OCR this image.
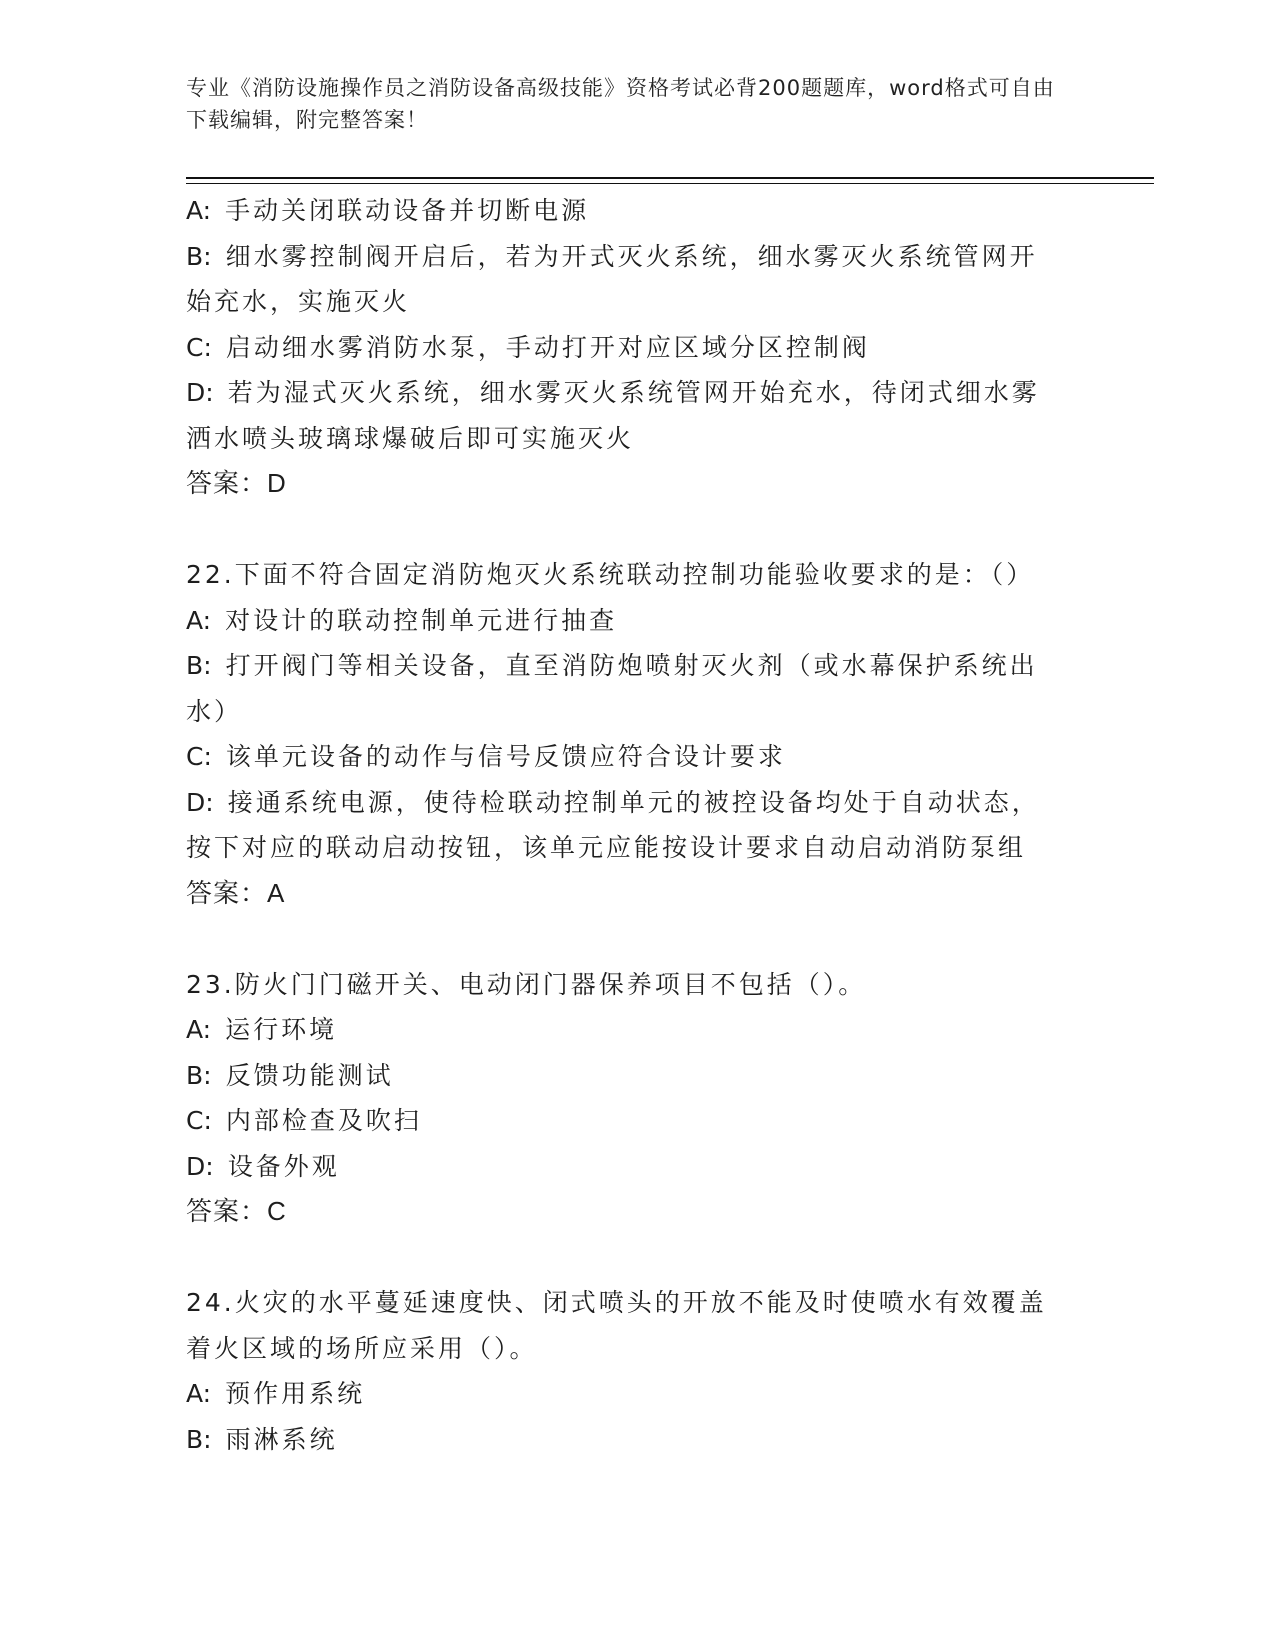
专业《消防设施操作员之消防设备高级技能》资格考试必背200题题库，word格式可自由下载编辑，附完整答案！
A: 手动关闭联动设备并切断电源
B: 细水雾控制阀开启后，若为开式灭火系统，细水雾灭火系统管网开
始充水，实施灭火
C: 启动细水雾消防水泵，手动打开对应区域分区控制阀
D: 若为湿式灭火系统，细水雾灭火系统管网开始充水，待闭式细水雾
洒水喷头玻璃球爆破后即可实施灭火
答案：D
22.下面不符合固定消防炮灭火系统联动控制功能验收要求的是：（）
A: 对设计的联动控制单元进行抽查
B: 打开阀门等相关设备，直至消防炮喷射灭火剂（或水幕保护系统出
水）
C: 该单元设备的动作与信号反馈应符合设计要求
D: 接通系统电源，使待检联动控制单元的被控设备均处于自动状态，
按下对应的联动启动按钮，该单元应能按设计要求自动启动消防泵组
答案：A
23.防火门门磁开关、电动闭门器保养项目不包括（）。
A: 运行环境
B: 反馈功能测试
C: 内部检查及吹扫
D: 设备外观
答案：C
24.火灾的水平蔓延速度快、闭式喷头的开放不能及时使喷水有效覆盖
着火区域的场所应采用（）。
A: 预作用系统
B: 雨淋系统
